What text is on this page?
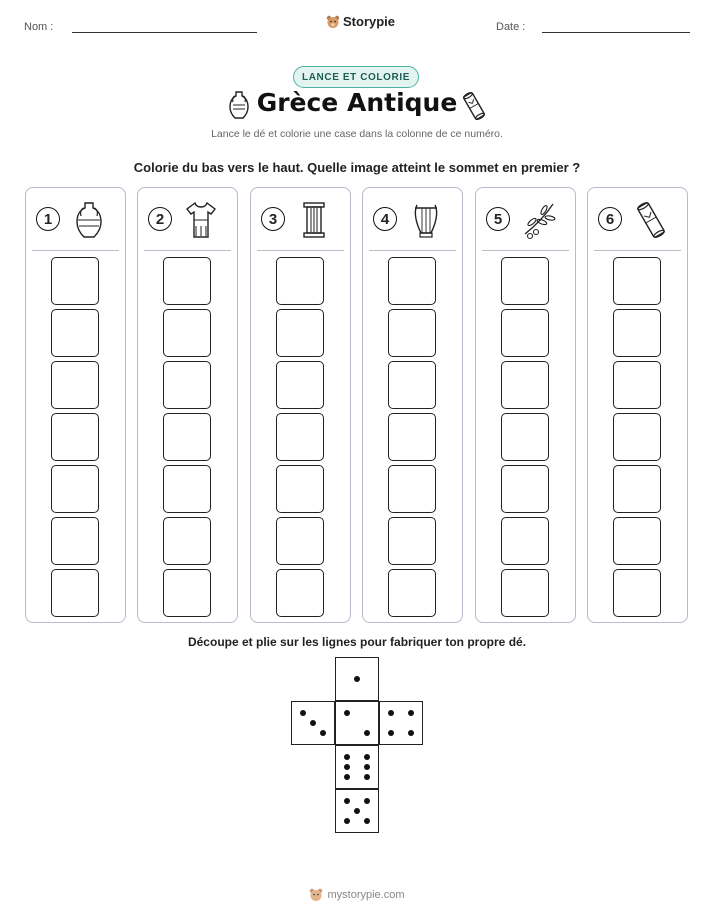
Nom :	Storypie	Date :
LANCE ET COLORIE
Grèce Antique
Lance le dé et colorie une case dans la colonne de ce numéro.
Colorie du bas vers le haut. Quelle image atteint le sommet en premier ?
1	2	3	4	5	6
Découpe et plie sur les lignes pour fabriquer ton propre dé.
mystorypie.com
